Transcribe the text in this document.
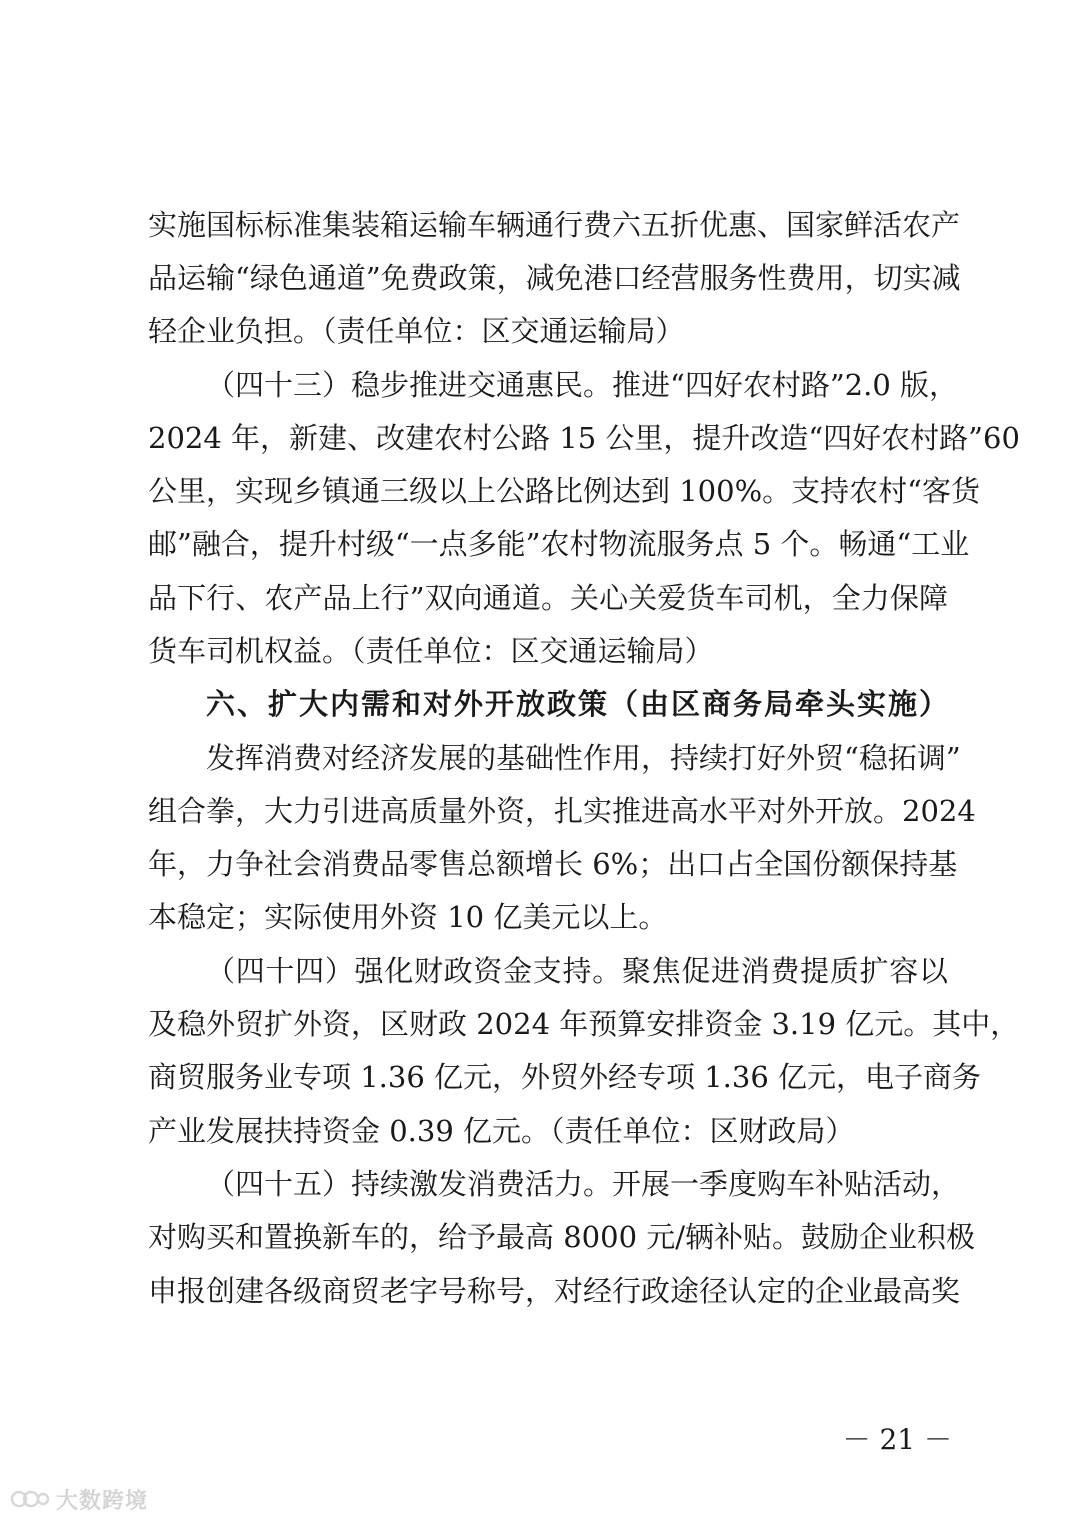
实施国标标准集装箱运输车辆通行费六五折优惠、国家鲜活农产
品运输“绿色通道”免费政策，减免港口经营服务性费用，切实减
轻企业负担。（责任单位：区交通运输局）
（四十三）稳步推进交通惠民。推进“四好农村路”2.0 版，
2024 年，新建、改建农村公路 15 公里，提升改造“四好农村路”60
公里，实现乡镇通三级以上公路比例达到 100%。支持农村“客货
邮”融合，提升村级“一点多能”农村物流服务点 5 个。畅通“工业
品下行、农产品上行”双向通道。关心关爱货车司机，全力保障
货车司机权益。（责任单位：区交通运输局）
六、扩大内需和对外开放政策（由区商务局牵头实施）
发挥消费对经济发展的基础性作用，持续打好外贸“稳拓调”
组合拳，大力引进高质量外资，扎实推进高水平对外开放。2024
年，力争社会消费品零售总额增长 6%；出口占全国份额保持基
本稳定；实际使用外资 10 亿美元以上。
（四十四）强化财政资金支持。聚焦促进消费提质扩容以
及稳外贸扩外资，区财政 2024 年预算安排资金 3.19 亿元。其中，
商贸服务业专项 1.36 亿元，外贸外经专项 1.36 亿元，电子商务
产业发展扶持资金 0.39 亿元。（责任单位：区财政局）
（四十五）持续激发消费活力。开展一季度购车补贴活动，
对购买和置换新车的，给予最高 8000 元/辆补贴。鼓励企业积极
申报创建各级商贸老字号称号，对经行政途径认定的企业最高奖
－ 21 －
大数跨境
